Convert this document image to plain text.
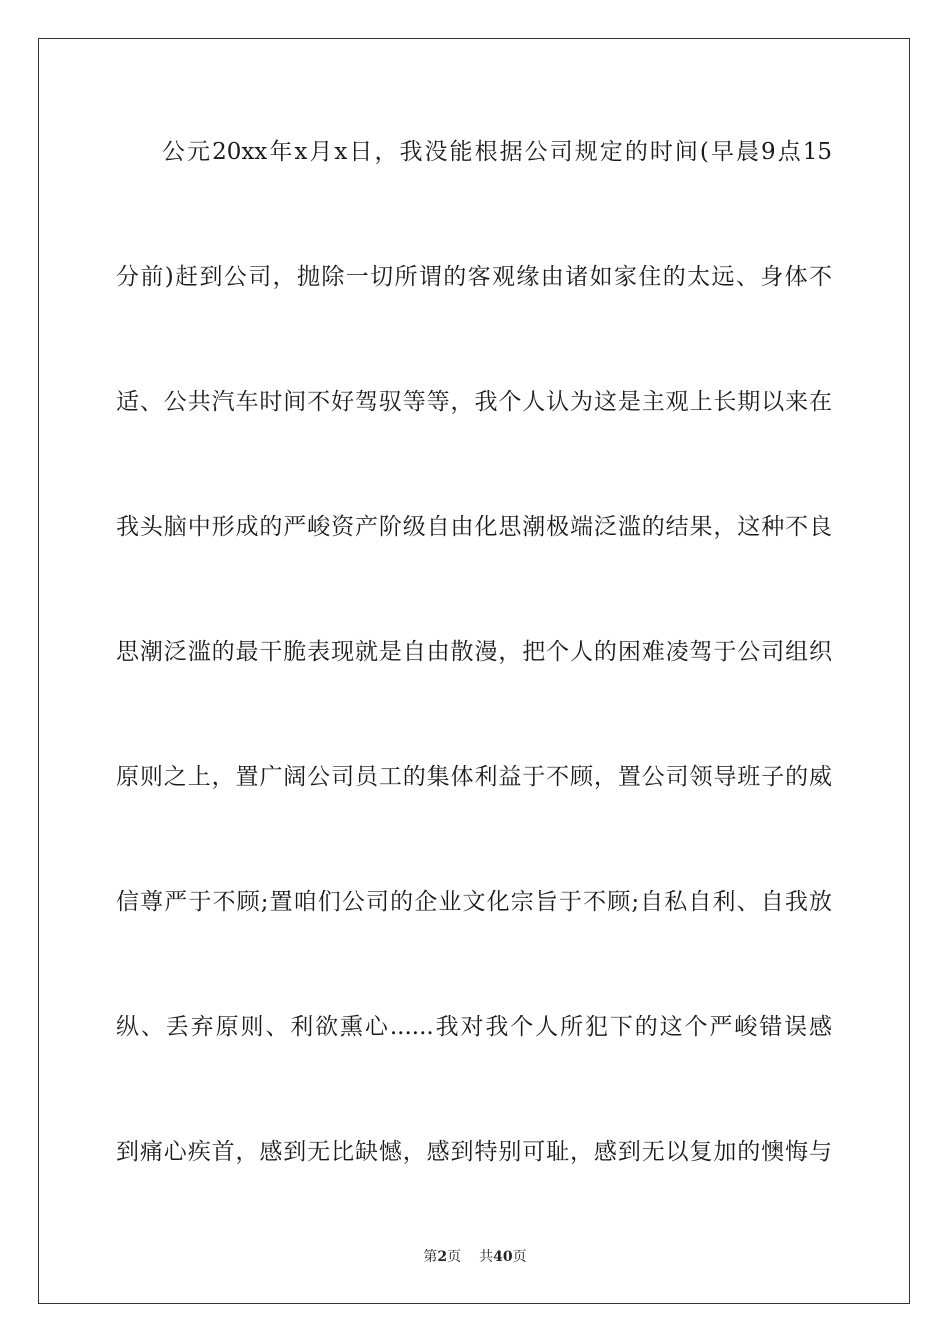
公元20xx年x月x日，我没能根据公司规定的时间(早晨9点15
分前)赶到公司，抛除一切所谓的客观缘由诸如家住的太远、身体不
适、公共汽车时间不好驾驭等等，我个人认为这是主观上长期以来在
我头脑中形成的严峻资产阶级自由化思潮极端泛滥的结果，这种不良
思潮泛滥的最干脆表现就是自由散漫，把个人的困难凌驾于公司组织
原则之上，置广阔公司员工的集体利益于不顾，置公司领导班子的威
信尊严于不顾;置咱们公司的企业文化宗旨于不顾;自私自利、自我放
纵、丢弃原则、利欲熏心......我对我个人所犯下的这个严峻错误感
到痛心疾首，感到无比缺憾，感到特别可耻，感到无以复加的懊悔与
第2页 共40页
